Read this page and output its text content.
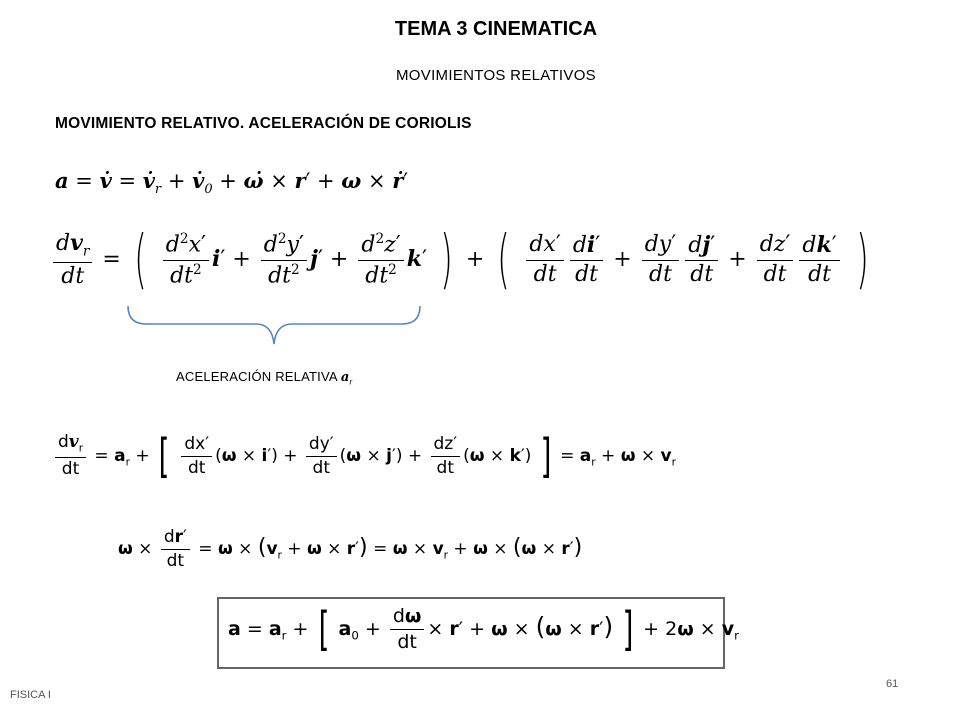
TEMA 3 CINEMATICA
MOVIMIENTOS RELATIVOS
MOVIMIENTO RELATIVO. ACELERACIÓN DE CORIOLIS
a = v̇ = $v̇_r$ + $v̇_0$ + ω̇ × r′ + ω × ṙ′
$\frac{dv_r}{dt}$ = ( $\frac{d^2x'}{dt^2} i' + \frac{d^2y'}{dt^2} j' + \frac{d^2z'}{dt^2} k'$ ) + ( $\frac{dx'}{dt} \frac{di'}{dt} + \frac{dy'}{dt} \frac{dj'}{dt} + \frac{dz'}{dt} \frac{dk'}{dt}$ )
ACELERACIÓN RELATIVA $a_r$
$\frac{dv_r}{dt} = a_r$ + [ $\frac{dx'}{dt} (\omega \times i') + \frac{dy'}{dt} (\omega \times j') + \frac{dz'}{dt} (\omega \times k')$ ] = $a_r + \omega \times v_r$
$\omega \times \frac{dr'}{dt} = \omega \times (v_r + \omega \times r') = \omega \times v_r + \omega \times (\omega \times r')$
$a = a_r$ + [ $a_0 + \frac{d\omega}{dt} \times r' + \omega \times (\omega \times r')$ ] + $2\omega \times v_r$
FISICA I
61
